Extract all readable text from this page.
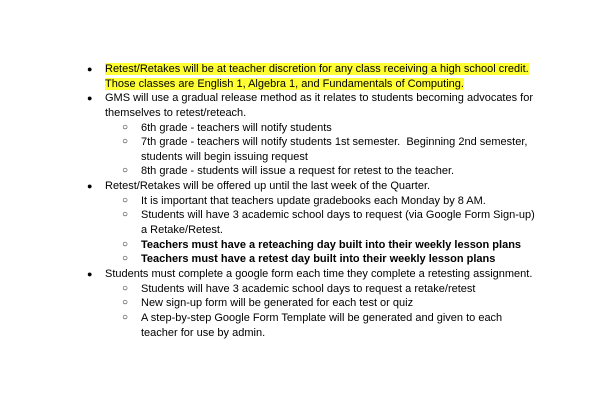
● Retest/Retakes will be at teacher discretion for any class receiving a high school credit.
Those classes are English 1, Algebra 1, and Fundamentals of Computing.
● GMS will use a gradual release method as it relates to students becoming advocates for
themselves to retest/reteach.
○ 6th grade - teachers will notify students
○ 7th grade - teachers will notify students 1st semester.  Beginning 2nd semester,
students will begin issuing request
○ 8th grade - students will issue a request for retest to the teacher.
● Retest/Retakes will be offered up until the last week of the Quarter.
○ It is important that teachers update gradebooks each Monday by 8 AM.
○ Students will have 3 academic school days to request (via Google Form Sign-up)
a Retake/Retest.
○ Teachers must have a reteaching day built into their weekly lesson plans
○ Teachers must have a retest day built into their weekly lesson plans
● Students must complete a google form each time they complete a retesting assignment.
○ Students will have 3 academic school days to request a retake/retest
○ New sign-up form will be generated for each test or quiz
○ A step-by-step Google Form Template will be generated and given to each
teacher for use by admin.
